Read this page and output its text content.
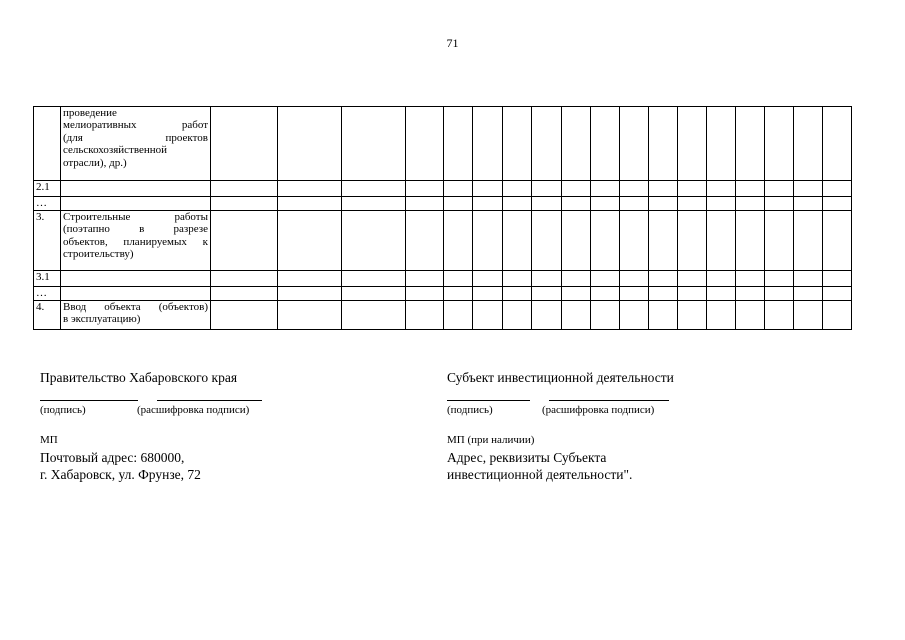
71

	проведение
мелиоративных работ
(для проектов
сельскохозяйственной
отрасли), др.)																		

2.1																			
…																			
3.	Строительные работы
(поэтапно в разрезе
объектов, планируемых к
строительству)																		

3.1																			
…																			
4.	Ввод объекта (объектов)
в эксплуатацию)																		

Правительство Хабаровского края
(подпись)	(расшифровка подписи)
МП
Почтовый адрес: 680000,
г. Хабаровск, ул. Фрунзе, 72
Субъект инвестиционной деятельности
(подпись)	(расшифровка подписи)
МП (при наличии)
Адрес, реквизиты Субъекта
инвестиционной деятельности".
